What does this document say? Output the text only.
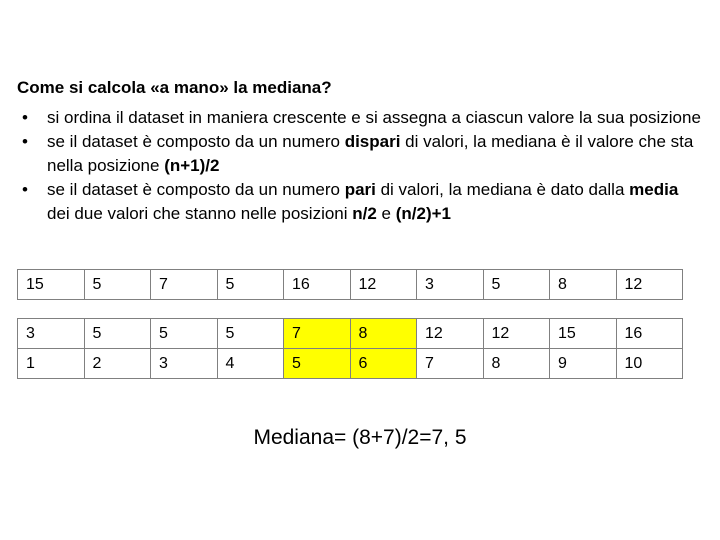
Come si calcola «a mano» la mediana?
• si ordina il dataset in maniera crescente e si assegna a ciascun valore la sua posizione
• se il dataset è composto da un numero dispari di valori, la mediana è il valore che sta nella posizione (n+1)/2
• se il dataset è composto da un numero pari di valori, la mediana è dato dalla media dei due valori che stanno nelle posizioni n/2 e (n/2)+1
15	5	7	5	16	12	3	5	8	12
3	5	5	5	7	8	12	12	15	16
1	2	3	4	5	6	7	8	9	10
Mediana= (8+7)/2=7, 5
